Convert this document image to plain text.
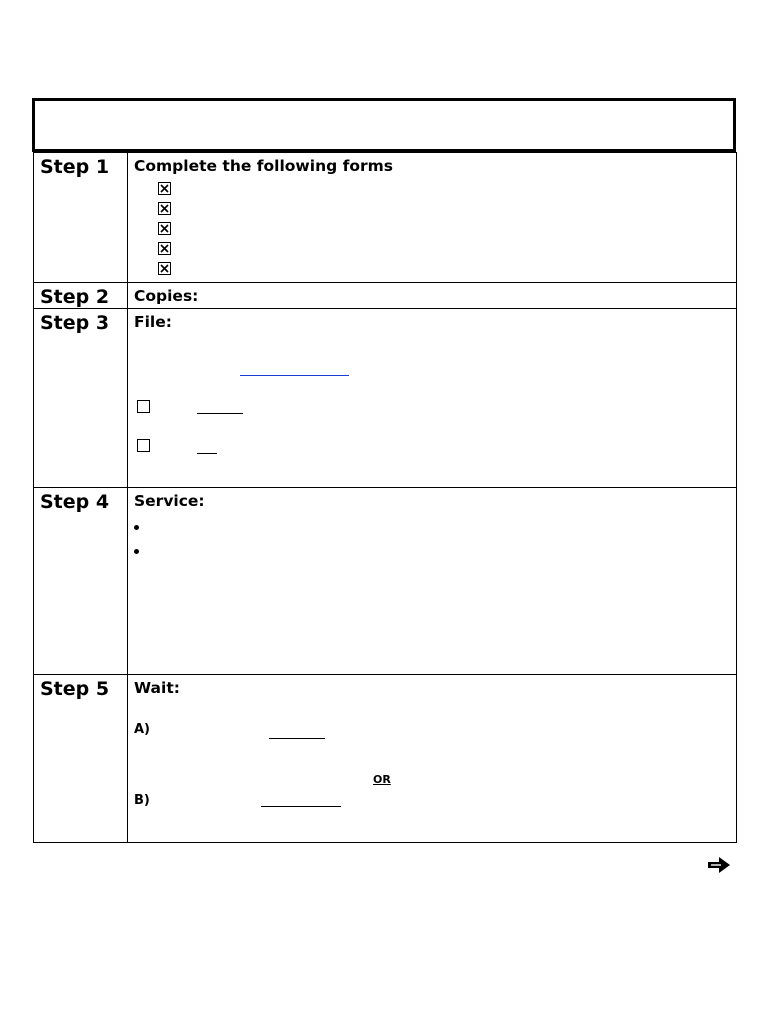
Step 1	Complete the following forms

Step 2	Copies:

Step 3	File:

Step 4	Service:

Step 5	Wait:
A)
OR
B)
